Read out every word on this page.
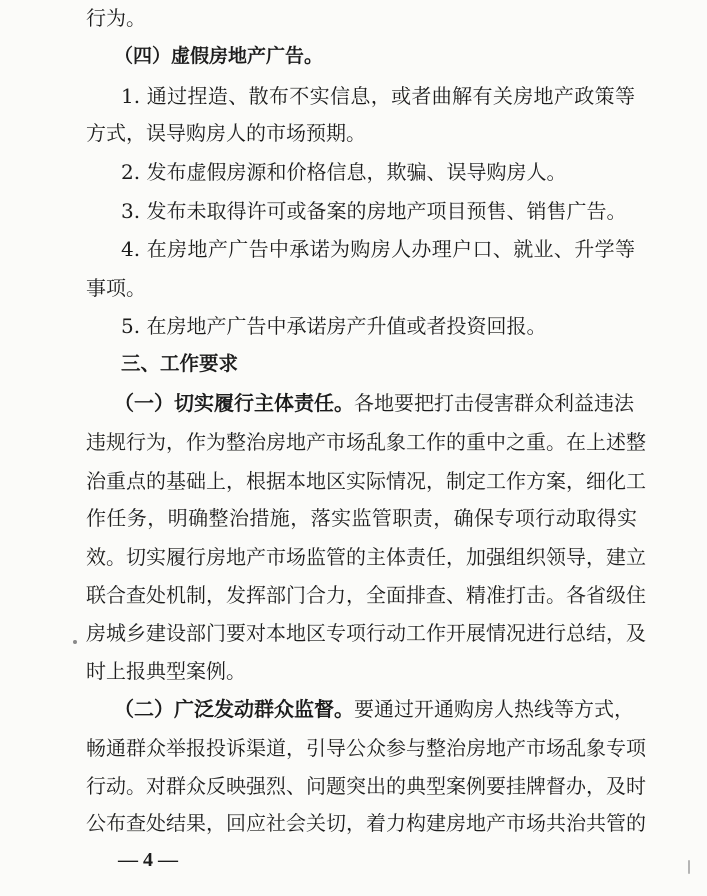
行为。
（四）虚假房地产广告。
1. 通过捏造、散布不实信息，或者曲解有关房地产政策等
方式，误导购房人的市场预期。
2. 发布虚假房源和价格信息，欺骗、误导购房人。
3. 发布未取得许可或备案的房地产项目预售、销售广告。
4. 在房地产广告中承诺为购房人办理户口、就业、升学等
事项。
5. 在房地产广告中承诺房产升值或者投资回报。
三、工作要求
（一）切实履行主体责任。各地要把打击侵害群众利益违法
违规行为，作为整治房地产市场乱象工作的重中之重。在上述整
治重点的基础上，根据本地区实际情况，制定工作方案，细化工
作任务，明确整治措施，落实监管职责，确保专项行动取得实
效。切实履行房地产市场监管的主体责任，加强组织领导，建立
联合查处机制，发挥部门合力，全面排查、精准打击。各省级住
房城乡建设部门要对本地区专项行动工作开展情况进行总结，及
时上报典型案例。
（二）广泛发动群众监督。要通过开通购房人热线等方式，
畅通群众举报投诉渠道，引导公众参与整治房地产市场乱象专项
行动。对群众反映强烈、问题突出的典型案例要挂牌督办，及时
公布查处结果，回应社会关切，着力构建房地产市场共治共管的
— 4 —
